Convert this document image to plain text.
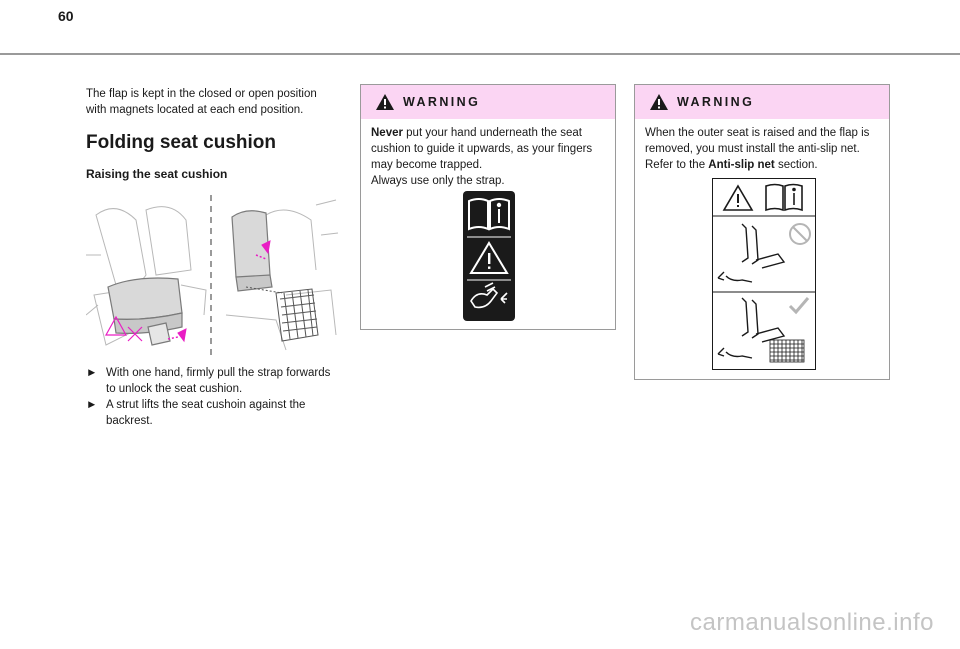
60

The flap is kept in the closed or open position with magnets located at each end position.

Folding seat cushion
Raising the seat cushion
► With one hand, firmly pull the strap forwards to unlock the seat cushion.
► A strut lifts the seat cushoin against the backrest.
WARNING
Never put your hand underneath the seat cushion to guide it upwards, as your fingers may become trapped.
Always use only the strap.
WARNING
When the outer seat is raised and the flap is removed, you must install the anti-slip net. Refer to the Anti-slip net section.
carmanualsonline.info
